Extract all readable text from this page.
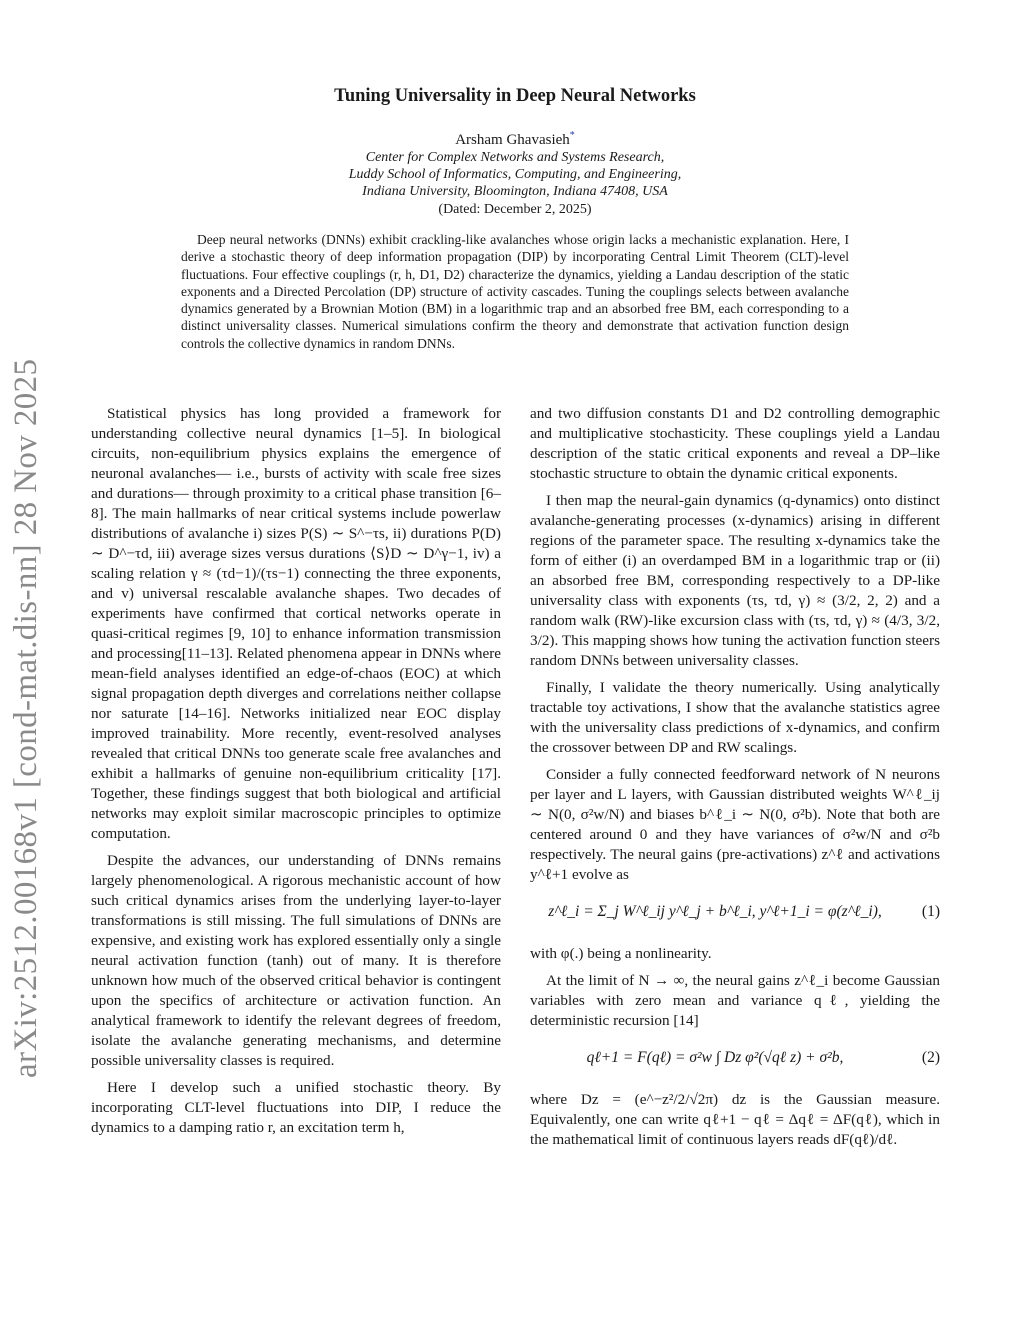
arXiv:2512.00168v1 [cond-mat.dis-nn] 28 Nov 2025
Tuning Universality in Deep Neural Networks
Arsham Ghavasieh*
Center for Complex Networks and Systems Research,
Luddy School of Informatics, Computing, and Engineering,
Indiana University, Bloomington, Indiana 47408, USA
(Dated: December 2, 2025)

Deep neural networks (DNNs) exhibit crackling-like avalanches whose origin lacks a mechanistic explanation. Here, I derive a stochastic theory of deep information propagation (DIP) by incorporating Central Limit Theorem (CLT)-level fluctuations. Four effective couplings (r, h, D1, D2) characterize the dynamics, yielding a Landau description of the static exponents and a Directed Percolation (DP) structure of activity cascades. Tuning the couplings selects between avalanche dynamics generated by a Brownian Motion (BM) in a logarithmic trap and an absorbed free BM, each corresponding to a distinct universality classes. Numerical simulations confirm the theory and demonstrate that activation function design controls the collective dynamics in random DNNs.

Statistical physics has long provided a framework for understanding collective neural dynamics [1–5]. In biological circuits, non-equilibrium physics explains the emergence of neuronal avalanches— i.e., bursts of activity with scale free sizes and durations— through proximity to a critical phase transition [6–8]. The main hallmarks of near critical systems include powerlaw distributions of avalanche i) sizes P(S) ∼ S^−τs, ii) durations P(D) ∼ D^−τd, iii) average sizes versus durations ⟨S⟩D ∼ D^γ−1, iv) a scaling relation γ ≈ (τd−1)/(τs−1) connecting the three exponents, and v) universal rescalable avalanche shapes. Two decades of experiments have confirmed that cortical networks operate in quasi-critical regimes [9, 10] to enhance information transmission and processing[11–13]. Related phenomena appear in DNNs where mean-field analyses identified an edge-of-chaos (EOC) at which signal propagation depth diverges and correlations neither collapse nor saturate [14–16]. Networks initialized near EOC display improved trainability. More recently, event-resolved analyses revealed that critical DNNs too generate scale free avalanches and exhibit a hallmarks of genuine non-equilibrium criticality [17]. Together, these findings suggest that both biological and artificial networks may exploit similar macroscopic principles to optimize computation.

Despite the advances, our understanding of DNNs remains largely phenomenological. A rigorous mechanistic account of how such critical dynamics arises from the underlying layer-to-layer transformations is still missing. The full simulations of DNNs are expensive, and existing work has explored essentially only a single neural activation function (tanh) out of many. It is therefore unknown how much of the observed critical behavior is contingent upon the specifics of architecture or activation function. An analytical framework to identify the relevant degrees of freedom, isolate the avalanche generating mechanisms, and determine possible universality classes is required.

Here I develop such a unified stochastic theory. By incorporating CLT-level fluctuations into DIP, I reduce the dynamics to a damping ratio r, an excitation term h,

and two diffusion constants D1 and D2 controlling demographic and multiplicative stochasticity. These couplings yield a Landau description of the static critical exponents and reveal a DP–like stochastic structure to obtain the dynamic critical exponents.

I then map the neural-gain dynamics (q-dynamics) onto distinct avalanche-generating processes (x-dynamics) arising in different regions of the parameter space. The resulting x-dynamics take the form of either (i) an overdamped BM in a logarithmic trap or (ii) an absorbed free BM, corresponding respectively to a DP-like universality class with exponents (τs, τd, γ) ≈ (3/2, 2, 2) and a random walk (RW)-like excursion class with (τs, τd, γ) ≈ (4/3, 3/2, 3/2). This mapping shows how tuning the activation function steers random DNNs between universality classes.

Finally, I validate the theory numerically. Using analytically tractable toy activations, I show that the avalanche statistics agree with the universality class predictions of x-dynamics, and confirm the crossover between DP and RW scalings.

Consider a fully connected feedforward network of N neurons per layer and L layers, with Gaussian distributed weights W^ℓ_ij ∼ N(0, σ²w/N) and biases b^ℓ_i ∼ N(0, σ²b). Note that both are centered around 0 and they have variances of σ²w/N and σ²b respectively. The neural gains (pre-activations) z^ℓ and activations y^ℓ+1 evolve as

z^ℓ_i = Σ_j W^ℓ_ij y^ℓ_j + b^ℓ_i, y^ℓ+1_i = φ(z^ℓ_i),	(1)

with φ(.) being a nonlinearity.

At the limit of N → ∞, the neural gains z^ℓ_i become Gaussian variables with zero mean and variance qℓ, yielding the deterministic recursion [14]

qℓ+1 = F(qℓ) = σ²w ∫ Dz φ²(√qℓ z) + σ²b,	(2)

where Dz = (e^−z²/2/√2π) dz is the Gaussian measure. Equivalently, one can write qℓ+1 − qℓ = Δqℓ = ΔF(qℓ), which in the mathematical limit of continuous layers reads dF(qℓ)/dℓ.
